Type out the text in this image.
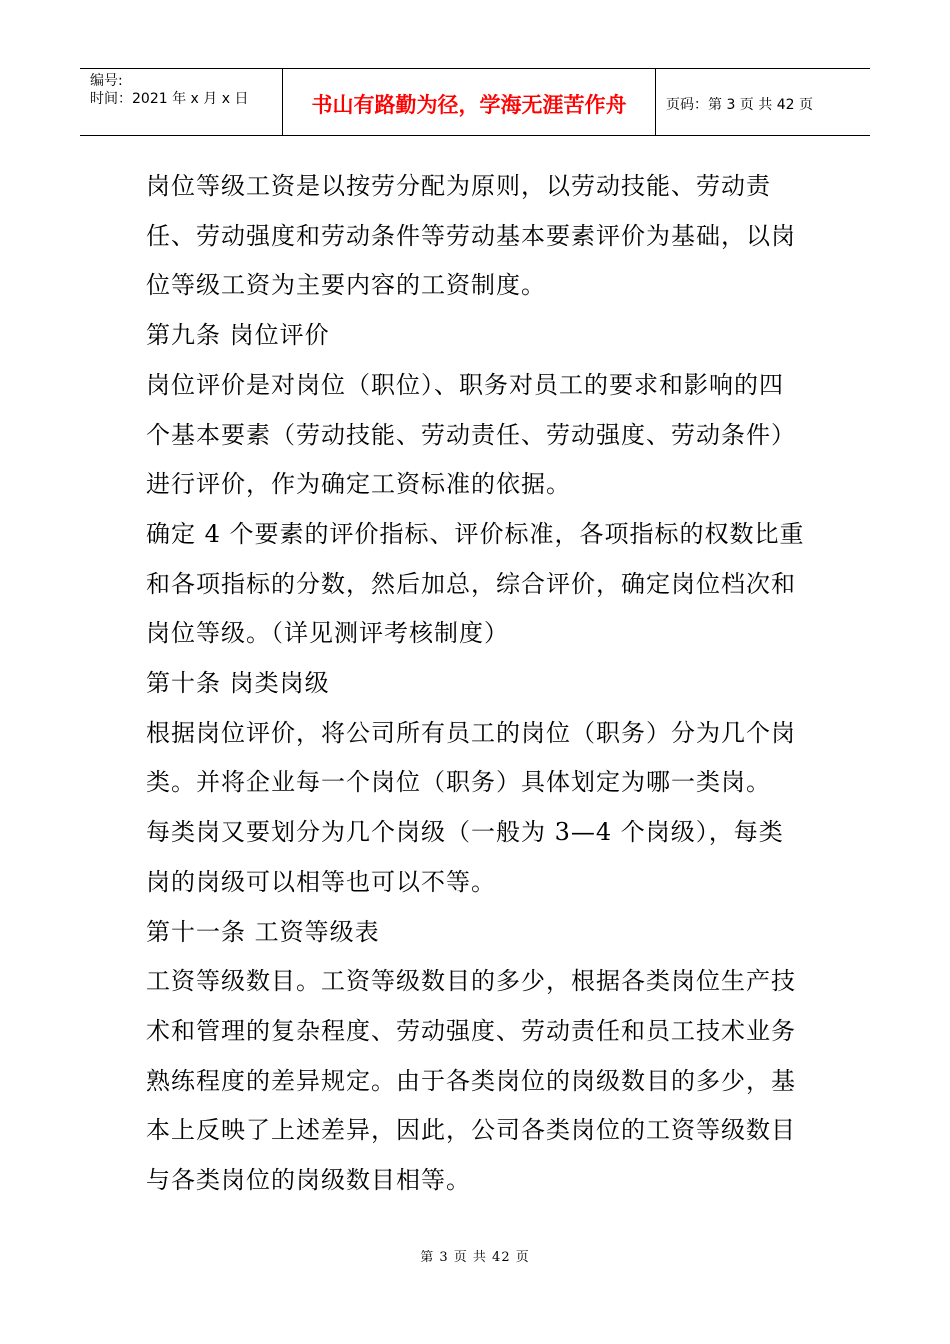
编号:
时间：2021 年 x 月 x 日	书山有路勤为径，学海无涯苦作舟	页码：第 3 页 共 42 页

岗位等级工资是以按劳分配为原则，以劳动技能、劳动责

任、劳动强度和劳动条件等劳动基本要素评价为基础，以岗

位等级工资为主要内容的工资制度。

第九条 岗位评价

岗位评价是对岗位（职位）、职务对员工的要求和影响的四

个基本要素（劳动技能、劳动责任、劳动强度、劳动条件）

进行评价，作为确定工资标准的依据。

确定 4 个要素的评价指标、评价标准，各项指标的权数比重

和各项指标的分数，然后加总，综合评价，确定岗位档次和

岗位等级。（详见测评考核制度）

第十条 岗类岗级

根据岗位评价，将公司所有员工的岗位（职务）分为几个岗

类。并将企业每一个岗位（职务）具体划定为哪一类岗。

每类岗又要划分为几个岗级（一般为 3—4 个岗级），每类

岗的岗级可以相等也可以不等。

第十一条 工资等级表

工资等级数目。工资等级数目的多少，根据各类岗位生产技

术和管理的复杂程度、劳动强度、劳动责任和员工技术业务

熟练程度的差异规定。由于各类岗位的岗级数目的多少，基

本上反映了上述差异，因此，公司各类岗位的工资等级数目

与各类岗位的岗级数目相等。

第 3 页 共 42 页
